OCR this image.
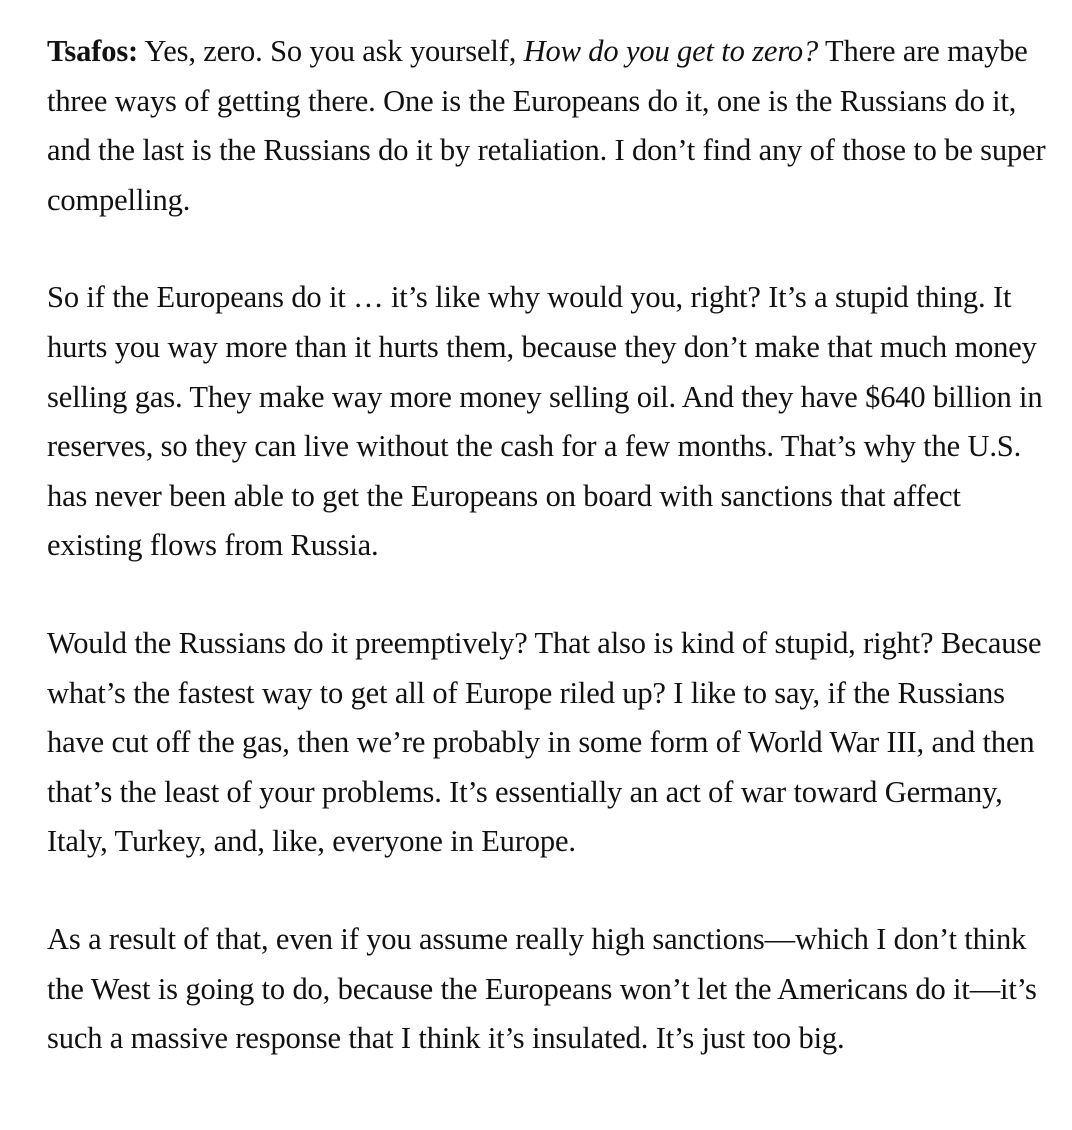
Tsafos: Yes, zero. So you ask yourself, How do you get to zero? There are maybe three ways of getting there. One is the Europeans do it, one is the Russians do it, and the last is the Russians do it by retaliation. I don’t find any of those to be super compelling.

So if the Europeans do it … it’s like why would you, right? It’s a stupid thing. It hurts you way more than it hurts them, because they don’t make that much money selling gas. They make way more money selling oil. And they have $640 billion in reserves, so they can live without the cash for a few months. That’s why the U.S. has never been able to get the Europeans on board with sanctions that affect existing flows from Russia.

Would the Russians do it preemptively? That also is kind of stupid, right? Because what’s the fastest way to get all of Europe riled up? I like to say, if the Russians have cut off the gas, then we’re probably in some form of World War III, and then that’s the least of your problems. It’s essentially an act of war toward Germany, Italy, Turkey, and, like, everyone in Europe.

As a result of that, even if you assume really high sanctions—which I don’t think the West is going to do, because the Europeans won’t let the Americans do it—it’s such a massive response that I think it’s insulated. It’s just too big.
